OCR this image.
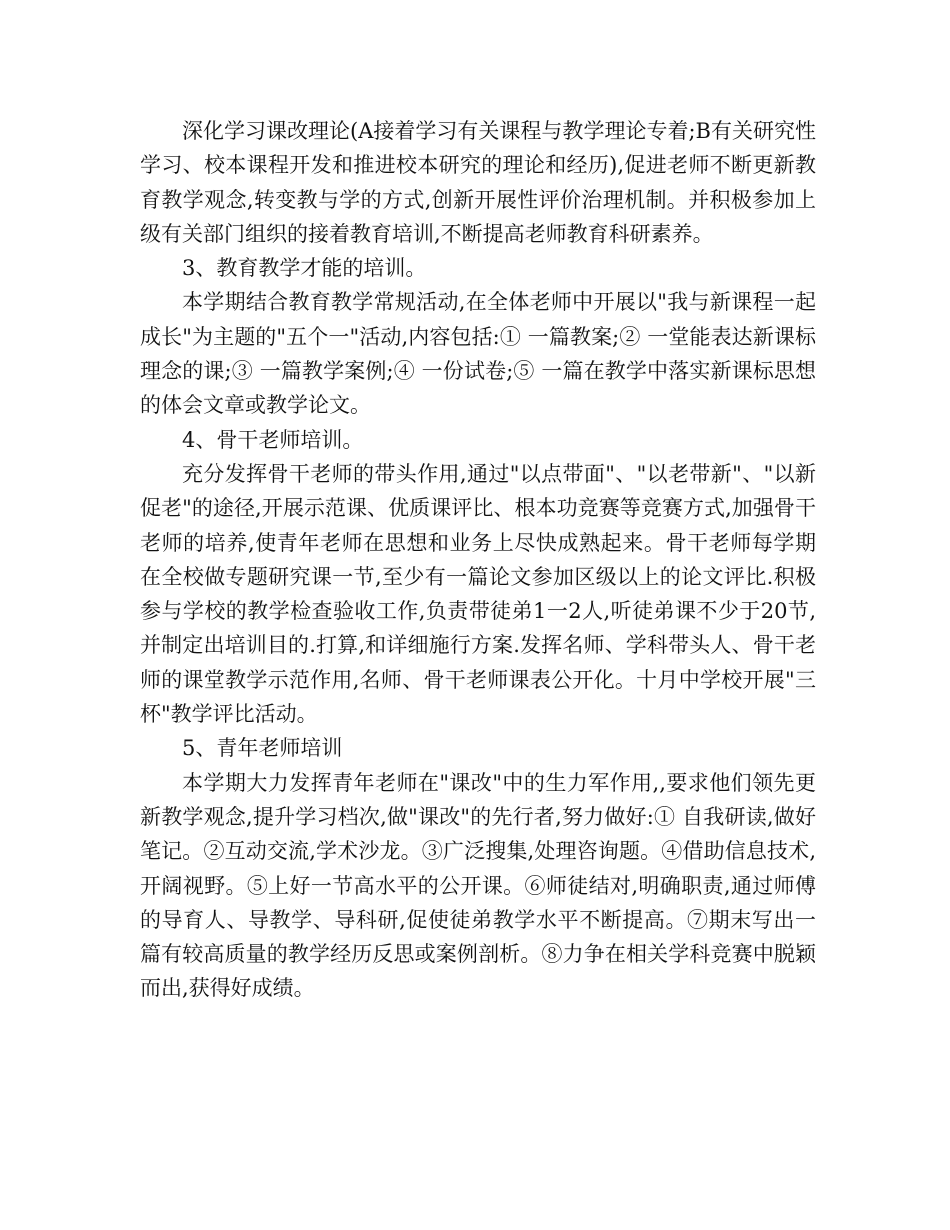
深化学习课改理论(A接着学习有关课程与教学理论专着;B有关研究性学习、校本课程开发和推进校本研究的理论和经历),促进老师不断更新教育教学观念,转变教与学的方式,创新开展性评价治理机制。并积极参加上级有关部门组织的接着教育培训,不断提高老师教育科研素养。

3、教育教学才能的培训。

本学期结合教育教学常规活动,在全体老师中开展以"我与新课程一起成长"为主题的"五个一"活动,内容包括:① 一篇教案;② 一堂能表达新课标理念的课;③ 一篇教学案例;④ 一份试卷;⑤ 一篇在教学中落实新课标思想的体会文章或教学论文。

4、骨干老师培训。

充分发挥骨干老师的带头作用,通过"以点带面"、"以老带新"、"以新促老"的途径,开展示范课、优质课评比、根本功竞赛等竞赛方式,加强骨干老师的培养,使青年老师在思想和业务上尽快成熟起来。骨干老师每学期在全校做专题研究课一节,至少有一篇论文参加区级以上的论文评比.积极参与学校的教学检查验收工作,负责带徒弟1一2人,听徒弟课不少于20节,并制定出培训目的.打算,和详细施行方案.发挥名师、学科带头人、骨干老师的课堂教学示范作用,名师、骨干老师课表公开化。十月中学校开展"三杯"教学评比活动。

5、青年老师培训

本学期大力发挥青年老师在"课改"中的生力军作用,,要求他们领先更新教学观念,提升学习档次,做"课改"的先行者,努力做好:① 自我研读,做好笔记。②互动交流,学术沙龙。③广泛搜集,处理咨询题。④借助信息技术,开阔视野。⑤上好一节高水平的公开课。⑥师徒结对,明确职责,通过师傅的导育人、导教学、导科研,促使徒弟教学水平不断提高。⑦期末写出一篇有较高质量的教学经历反思或案例剖析。⑧力争在相关学科竞赛中脱颖而出,获得好成绩。
